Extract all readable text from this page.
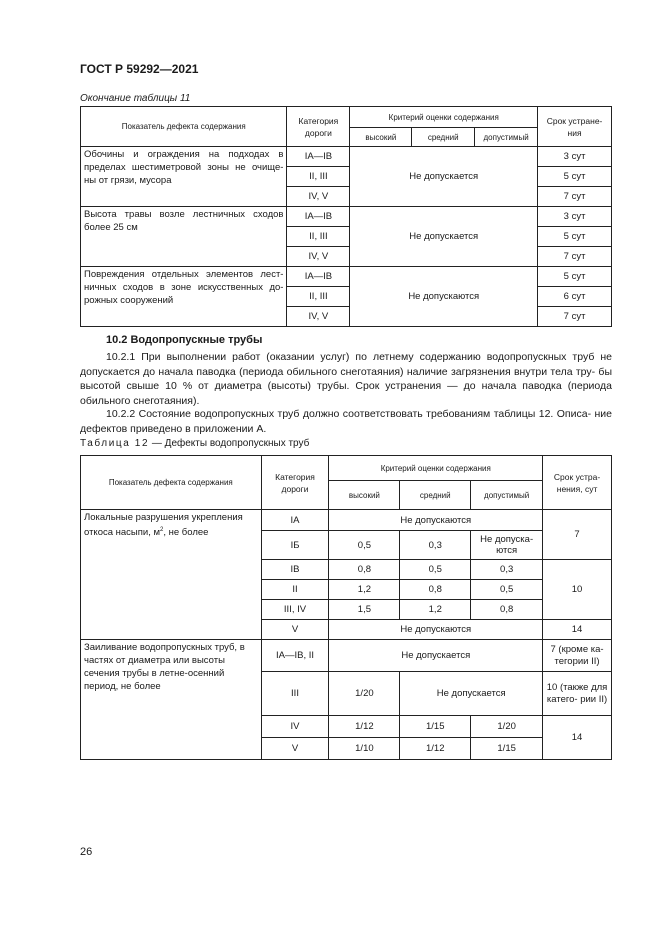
ГОСТ Р 59292—2021
Окончание таблицы 11
Показатель дефекта содержания	Категория дороги	Критерий оценки содержания			Срок устране- ния
		высокий	средний	допустимый	
Обочины и ограждения на подходах в пределах шестиметровой зоны не очище- ны от грязи, мусора	IA—IB	Не допускается			3 сут
	II, III				5 сут
	IV, V				7 сут
Высота травы возле лестничных сходов более 25 см	IA—IB	Не допускается			3 сут
	II, III				5 сут
	IV, V				7 сут
Повреждения отдельных элементов лест- ничных сходов в зоне искусственных до- рожных сооружений	IA—IB	Не допускаются			5 сут
	II, III				6 сут
	IV, V				7 сут
10.2 Водопропускные трубы
10.2.1 При выполнении работ (оказании услуг) по летнему содержанию водопропускных труб не допускается до начала паводка (периода обильного снеготаяния) наличие загрязнения внутри тела тру- бы высотой свыше 10 % от диаметра (высоты) трубы. Срок устранения — до начала паводка (периода обильного снеготаяния).
10.2.2 Состояние водопропускных труб должно соответствовать требованиям таблицы 12. Описа- ние дефектов приведено в приложении А.
Таблица 12 — Дефекты водопропускных труб
Показатель дефекта содержания	Категория дороги	Критерий оценки содержания			Срок устра- нения, сут
		высокий	средний	допустимый	
Локальные разрушения укрепления откоса насыпи, $м^2$, не более	IA	Не допускаются			7
	IБ	0,5	0,3	Не допуска- ются	
	IB	0,8	0,5	0,3	10
	II	1,2	0,8	0,5	
	III, IV	1,5	1,2	0,8	
	V	Не допускаются			14
Заиливание водопропускных труб, в частях от диаметра или высоты сечения трубы в летне-осенний период, не более	IA—IB, II	Не допускается			7 (кроме ка- тегории II)
	III	1/20	Не допускается		10 (также для катего- рии II)
	IV	1/12	1/15	1/20	14
	V	1/10	1/12	1/15	
26
